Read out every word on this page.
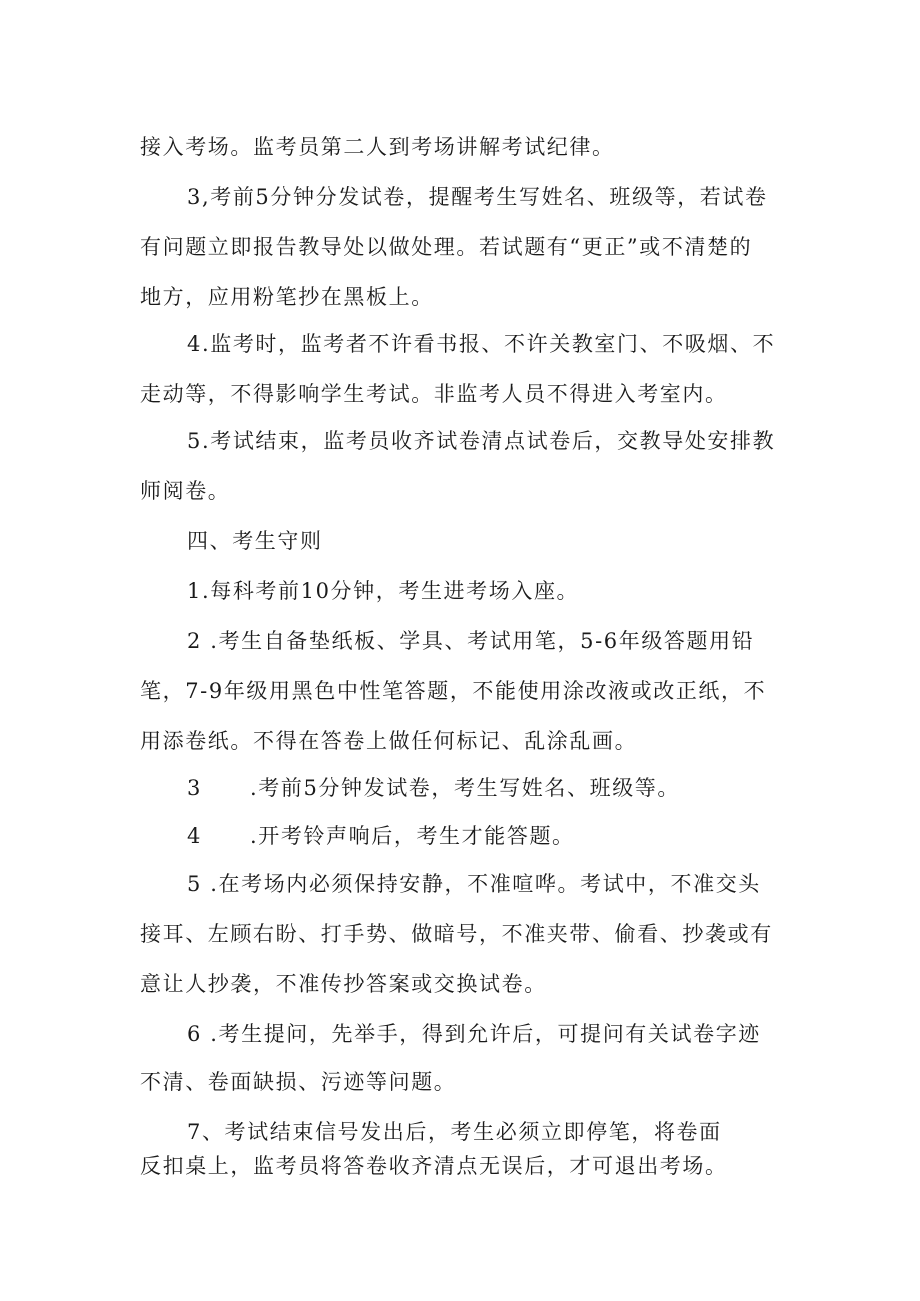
接入考场。监考员第二人到考场讲解考试纪律。
3,考前5分钟分发试卷，提醒考生写姓名、班级等，若试卷
有问题立即报告教导处以做处理。若试题有“更正”或不清楚的
地方，应用粉笔抄在黑板上。
4.监考时，监考者不许看书报、不许关教室门、不吸烟、不
走动等，不得影响学生考试。非监考人员不得进入考室内。
5.考试结束，监考员收齐试卷清点试卷后，交教导处安排教
师阅卷。
四、考生守则
1.每科考前10分钟，考生进考场入座。
2 .考生自备垫纸板、学具、考试用笔，5-6年级答题用铅
笔，7-9年级用黑色中性笔答题，不能使用涂改液或改正纸，不
用添卷纸。不得在答卷上做任何标记、乱涂乱画。
3 .考前5分钟发试卷，考生写姓名、班级等。
4 .开考铃声响后，考生才能答题。
5 .在考场内必须保持安静，不准喧哗。考试中，不准交头
接耳、左顾右盼、打手势、做暗号，不准夹带、偷看、抄袭或有
意让人抄袭，不准传抄答案或交换试卷。
6 .考生提问，先举手，得到允许后，可提问有关试卷字迹
不清、卷面缺损、污迹等问题。
7、考试结束信号发出后，考生必须立即停笔，将卷面
反扣桌上，监考员将答卷收齐清点无误后，才可退出考场。
